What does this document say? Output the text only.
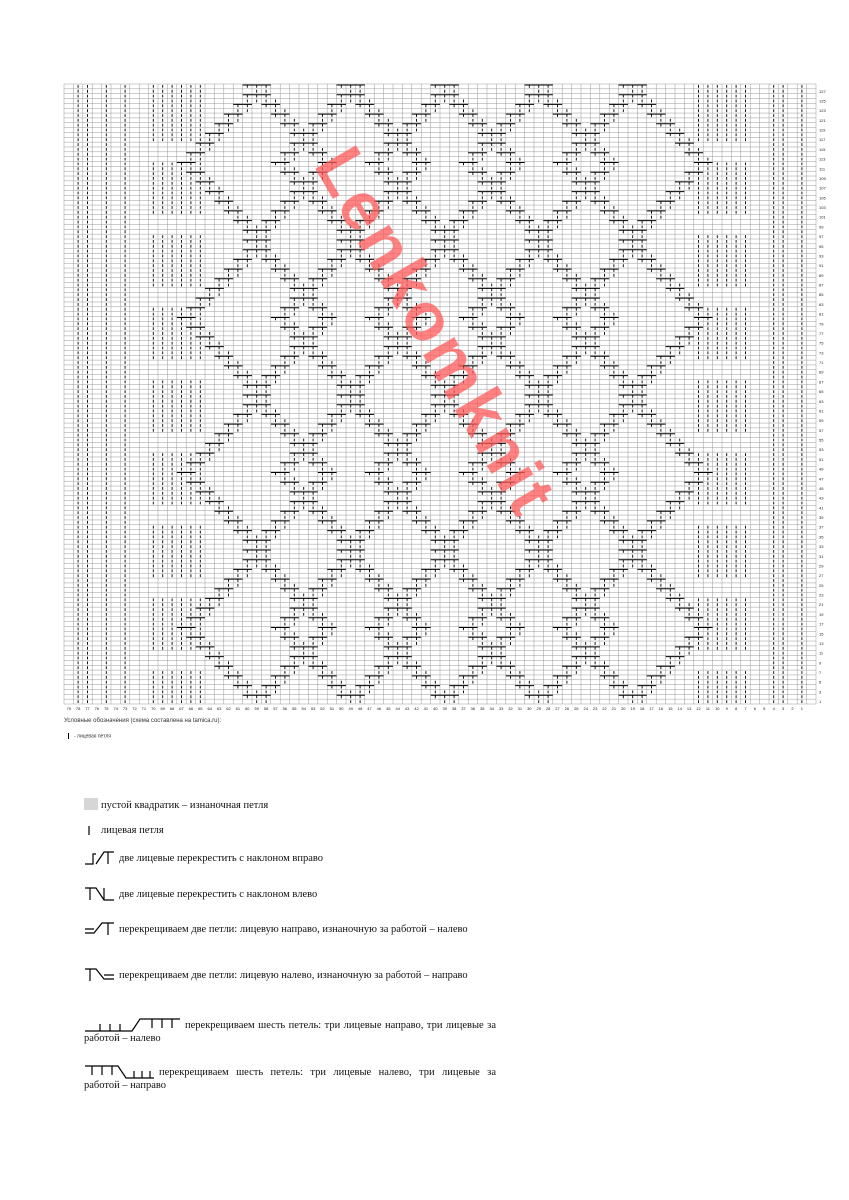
79 78 77 76 75 74 73 72 71 70 69 68 67 66 65 64 63 62 61 60 59 58 57 56 55 54 53 52 51 50 49 48 47 46 45 44 43 42 41 40 39 38 37 36 35 34 33 32 31 30 29 28 27 26 25 24 23 22 21 20 19 18 17 16 15 14 13 12 11 10 9 8 7 6 5 4 3 2 1
1
3
5
7
9
11
13
15
17
19
21
23
25
27
29
31
33
35
37
39
41
43
45
47
49
51
53
55
57
59
61
63
65
67
69
71
73
75
77
79
81
83
85
87
89
91
93
95
97
99
101
103
105
107
109
111
113
115
117
119
121
123
125
127
Условные обозначения (схема составлена на tamica.ru):
- лицевая петля
пустой квадратик – изнаночная петля
лицевая петля
две лицевые перекрестить с наклоном вправо
две лицевые перекрестить с наклоном влево
перекрещиваем две петли: лицевую направо, изнаночную за работой – налево
перекрещиваем две петли: лицевую налево, изнаночную за работой – направо
перекрещиваем шесть петель: три лицевые направо, три лицевые за работой – налево
перекрещиваем шесть петель: три лицевые налево, три лицевые за работой – направо
Lenkomknit
